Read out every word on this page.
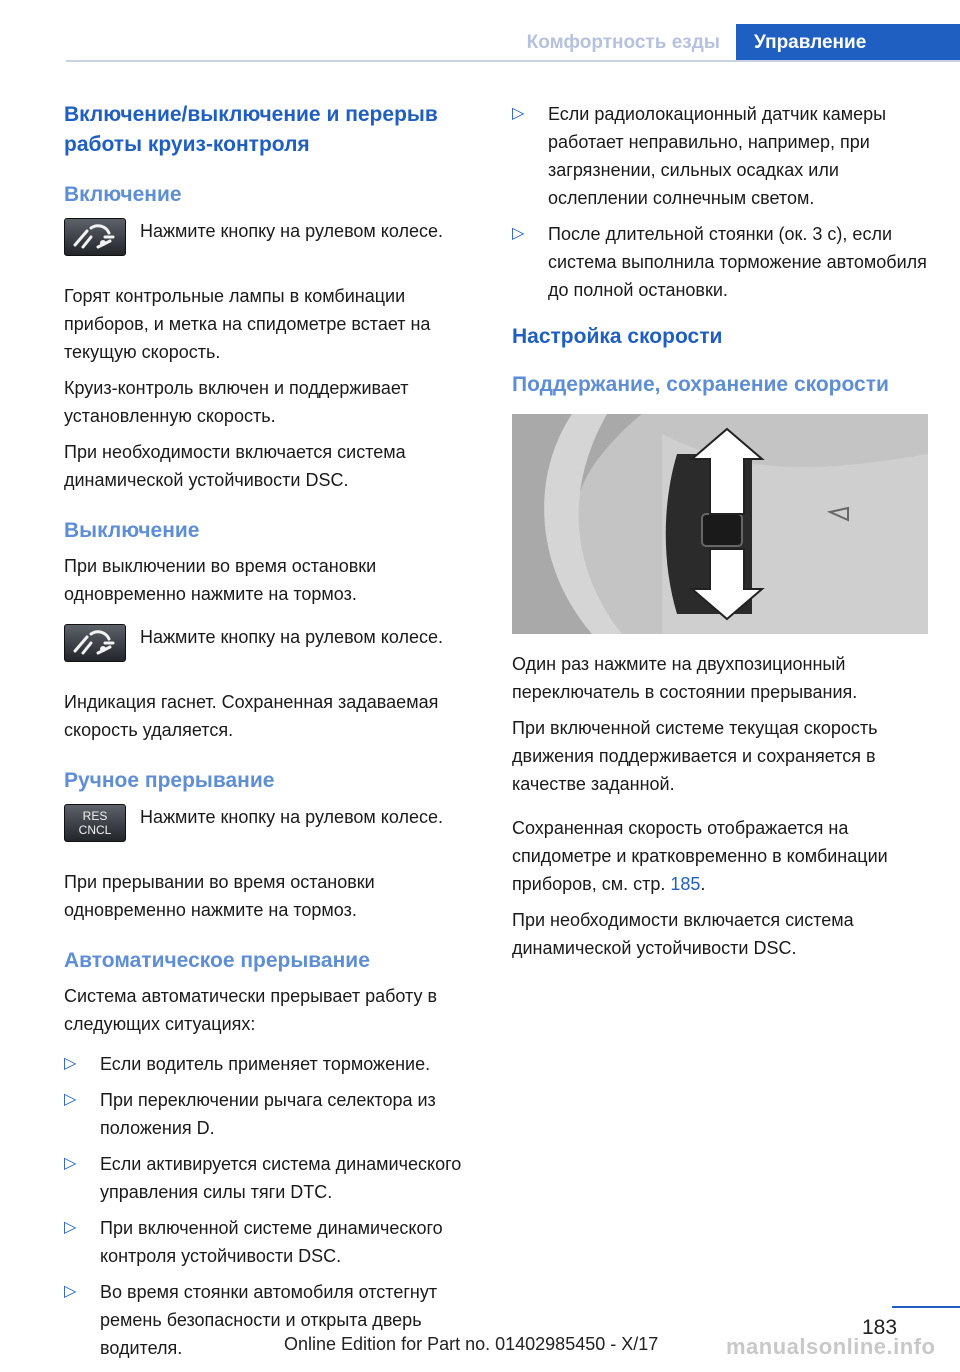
Комфортность езды	Управление
Включение/выключение и перерыв работы круиз-контроля
Включение
Нажмите кнопку на рулевом колесе.
Горят контрольные лампы в комбинации приборов, и метка на спидометре встает на текущую скорость.
Круиз-контроль включен и поддерживает установленную скорость.
При необходимости включается система динамической устойчивости DSC.
Выключение
При выключении во время остановки одновременно нажмите на тормоз.
Нажмите кнопку на рулевом колесе.
Индикация гаснет. Сохраненная задаваемая скорость удаляется.
Ручное прерывание
RES
CNCL
Нажмите кнопку на рулевом колесе.
При прерывании во время остановки одновременно нажмите на тормоз.
Автоматическое прерывание
Система автоматически прерывает работу в следующих ситуациях:
▷ Если водитель применяет торможение.
▷ При переключении рычага селектора из положения D.
▷ Если активируется система динамического управления силы тяги DTC.
▷ При включенной системе динамического контроля устойчивости DSC.
▷ Во время стоянки автомобиля отстегнут ремень безопасности и открыта дверь водителя.
▷ Если радиолокационный датчик камеры работает неправильно, например, при загрязнении, сильных осадках или ослеплении солнечным светом.
▷ После длительной стоянки (ок. 3 с), если система выполнила торможение автомобиля до полной остановки.
Настройка скорости
Поддержание, сохранение скорости
Один раз нажмите на двухпозиционный переключатель в состоянии прерывания.
При включенной системе текущая скорость движения поддерживается и сохраняется в качестве заданной.
Сохраненная скорость отображается на спидометре и кратковременно в комбинации приборов, см. стр. 185.
При необходимости включается система динамической устойчивости DSC.
183
Online Edition for Part no. 01402985450 - X/17	manualsonline.info
